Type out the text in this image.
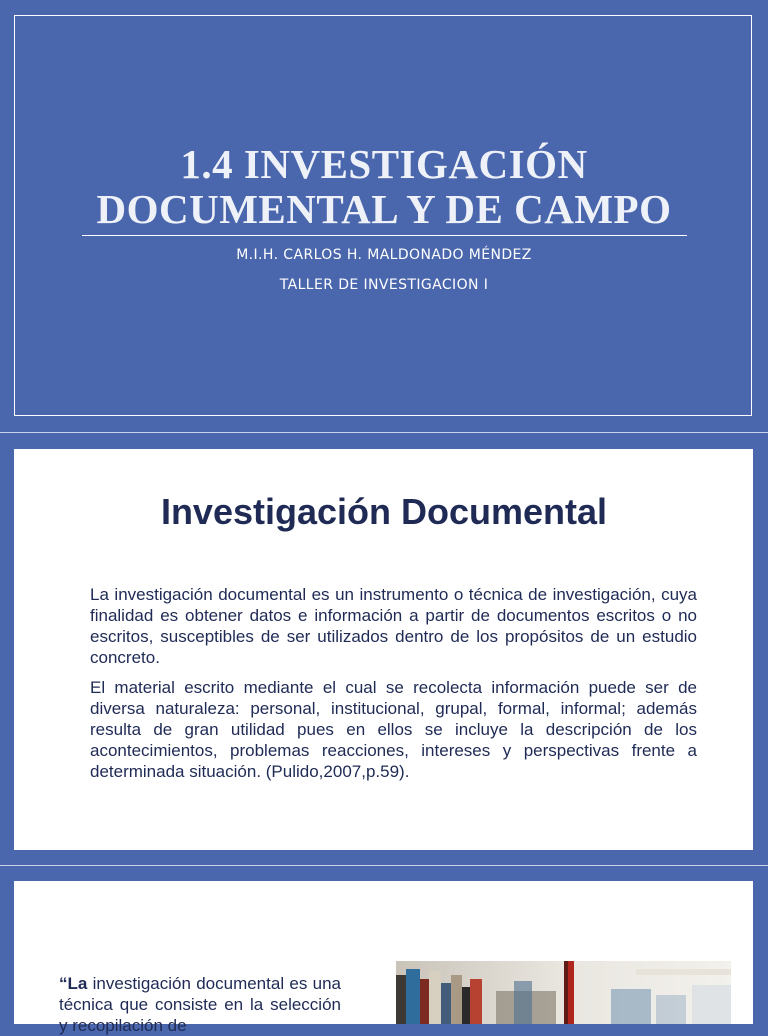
1.4 INVESTIGACIÓN
DOCUMENTAL Y DE CAMPO
M.I.H. CARLOS H. MALDONADO MÉNDEZ
TALLER DE INVESTIGACION I
Investigación Documental

La investigación documental es un instrumento o técnica de investigación, cuya finalidad es obtener datos e información a partir de documentos escritos o no escritos, susceptibles de ser utilizados dentro de los propósitos de un estudio concreto.

El material escrito mediante el cual se recolecta información puede ser de diversa naturaleza: personal, institucional, grupal, formal, informal; además resulta de gran utilidad pues en ellos se incluye la descripción de los acontecimientos, problemas reacciones, intereses y perspectivas frente a determinada situación. (Pulido,2007,p.59).

“La investigación documental es una técnica que consiste en la selección y recopilación de
